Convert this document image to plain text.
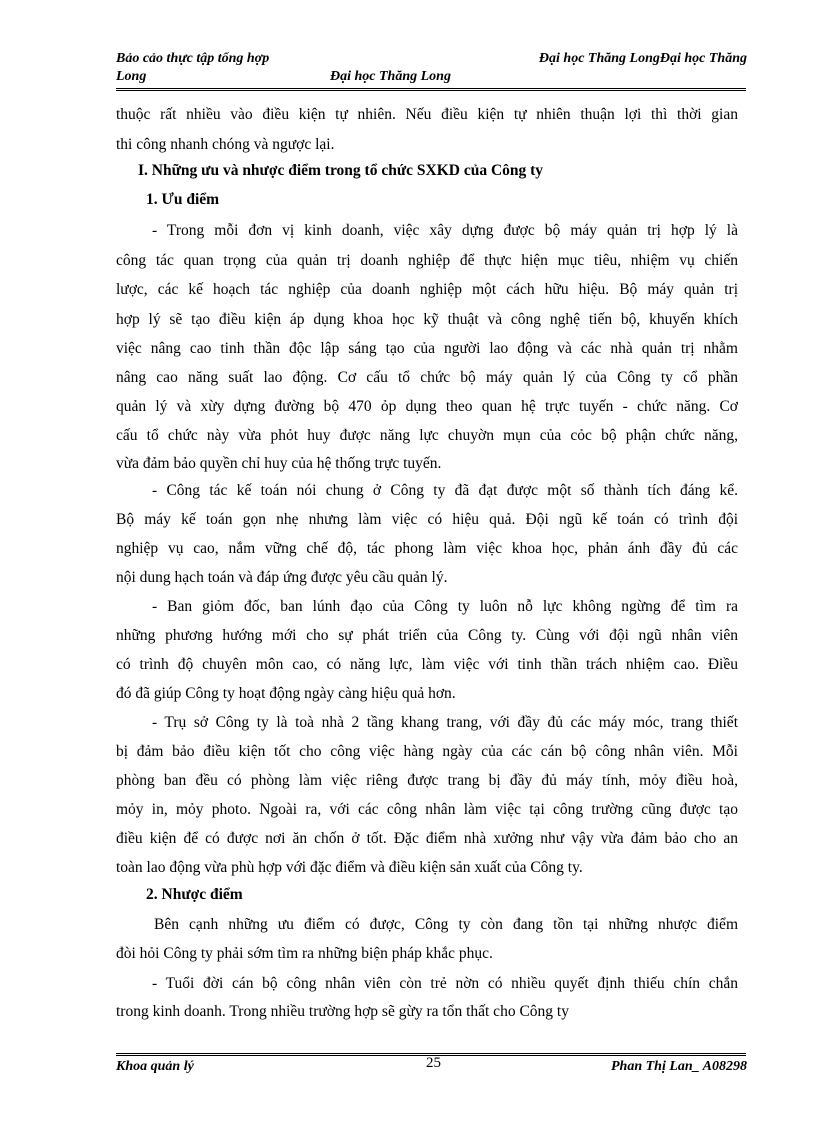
Bảo cảo thực tập tổng hợp
Long	Đại học Thăng Long
Đại học Thăng LongĐại học Thăng
thuộc rất nhiều vào điều kiện tự nhiên. Nếu điều kiện tự nhiên thuận lợi thì thời gian
thi công nhanh chóng và ngược lại.
I. Những ưu và nhược điểm trong tổ chức SXKD của Công ty
1. Ưu điểm
- Trong mỗi đơn vị kinh doanh, việc xây dựng được bộ máy quản trị hợp lý là
công tác quan trọng của quản trị doanh nghiệp để thực hiện mục tiêu, nhiệm vụ chiến
lược, các kế hoạch tác nghiệp của doanh nghiệp một cách hữu hiệu. Bộ máy quản trị
hợp lý sẽ tạo điều kiện áp dụng khoa học kỹ thuật và công nghệ tiến bộ, khuyến khích
việc nâng cao tinh thần độc lập sáng tạo của người lao động và các nhà quản trị nhằm
nâng cao năng suất lao động. Cơ cấu tổ chức bộ máy quản lý của Công ty cổ phần
quản lý và xừy dựng đường bộ 470 ỏp dụng theo quan hệ trực tuyến - chức năng. Cơ
cấu tổ chức này vừa phỏt huy được năng lực chuyờn mụn của cỏc bộ phận chức năng,
vừa đảm bảo quyền chỉ huy của hệ thống trực tuyến.
- Công tác kế toán nói chung ở Công ty đã đạt được một số thành tích đáng kể.
Bộ máy kế toán gọn nhẹ nhưng làm việc có hiệu quả. Đội ngũ kế toán có trình đội
nghiệp vụ cao, nắm vững chế độ, tác phong làm việc khoa học, phản ánh đầy đủ các
nội dung hạch toán và đáp ứng được yêu cầu quản lý.
- Ban giỏm đốc, ban lúnh đạo của Công ty luôn nỗ lực không ngừng để tìm ra
những phương hướng mới cho sự phát triển của Công ty. Cùng với đội ngũ nhân viên
có trình độ chuyên môn cao, có năng lực, làm việc với tinh thần trách nhiệm cao. Điều
đó đã giúp Công ty hoạt động ngày càng hiệu quả hơn.
- Trụ sở Công ty là toà nhà 2 tầng khang trang, với đầy đủ các máy móc, trang thiết
bị đảm bảo điều kiện tốt cho công việc hàng ngày của các cán bộ công nhân viên. Mỗi
phòng ban đều có phòng làm việc riêng được trang bị đầy đủ máy tính, mỏy điều hoà,
mỏy in, mỏy photo. Ngoài ra, với các công nhân làm việc tại công trường cũng được tạo
điều kiện để có được nơi ăn chốn ở tốt. Đặc điểm nhà xưởng như vậy vừa đảm bảo cho an
toàn lao động vừa phù hợp với đặc điểm và điều kiện sản xuất của Công ty.
2. Nhược điểm
Bên cạnh những ưu điểm có được, Công ty còn đang tồn tại những nhược điểm
đòi hỏi Công ty phải sớm tìm ra những biện pháp khắc phục.
- Tuổi đời cán bộ công nhân viên còn trẻ nờn có nhiều quyết định thiếu chín chắn
trong kinh doanh. Trong nhiều trường hợp sẽ gừy ra tổn thất cho Công ty
Khoa quản lý	25	Phan Thị Lan_ A08298
